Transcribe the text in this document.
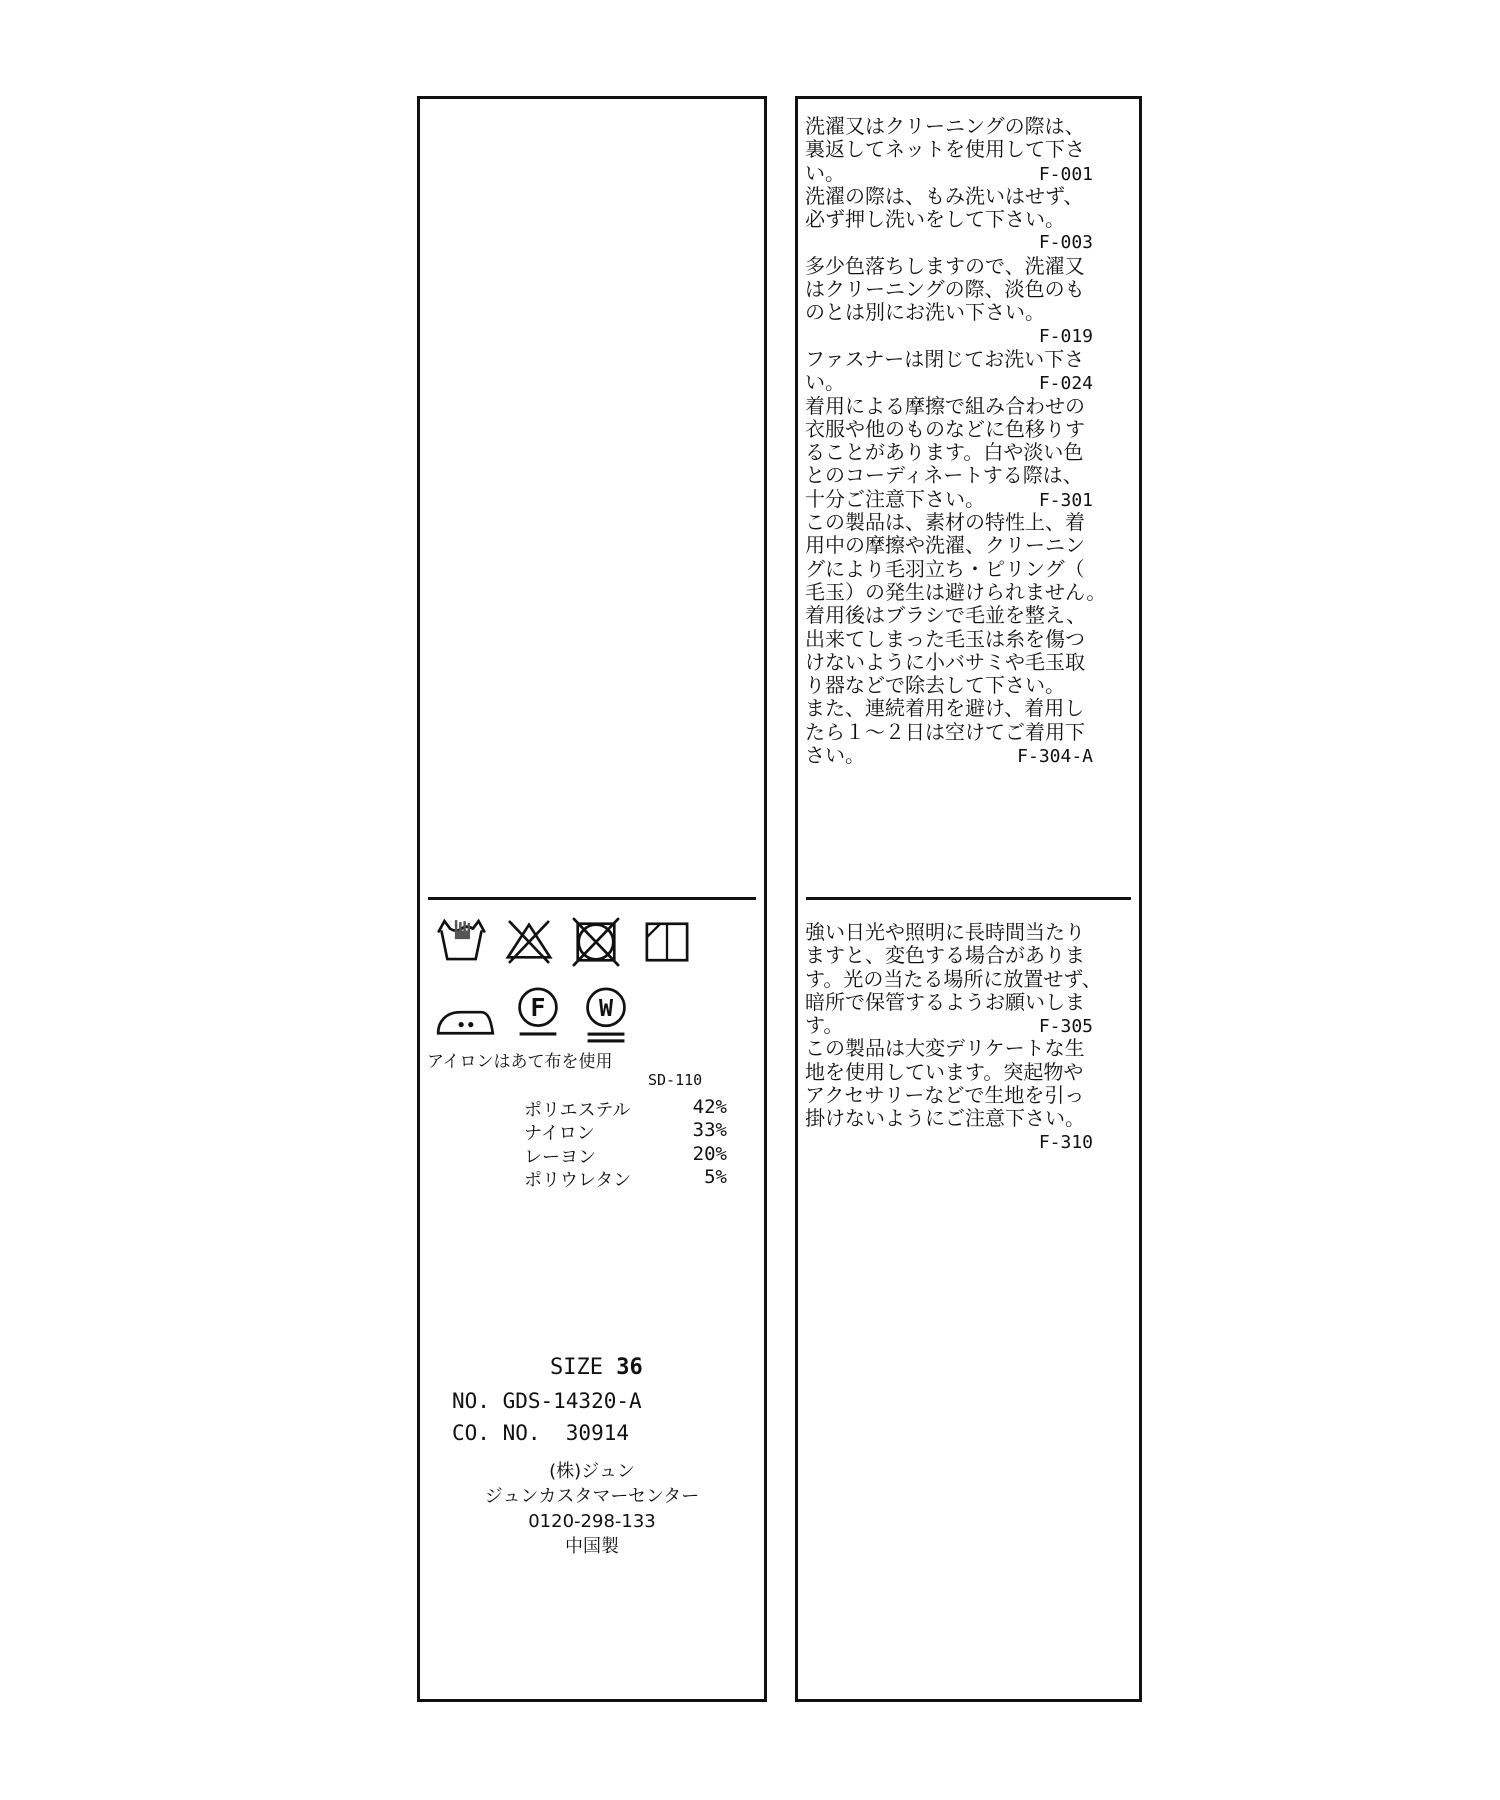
F W
アイロンはあて布を使用
SD-110
ポリエステル	42%
ナイロン	33%
レーヨン	20%
ポリウレタン	5%
SIZE 36
NO. GDS-14320-A
CO. NO.  30914
(株)ジュン
ジュンカスタマーセンター
0120-298-133
中国製
洗濯又はクリーニングの際は、
裏返してネットを使用して下さ
い。	F-001
洗濯の際は、もみ洗いはせず、
必ず押し洗いをして下さい。
F-003
多少色落ちしますので、洗濯又
はクリーニングの際、淡色のも
のとは別にお洗い下さい。
F-019
ファスナーは閉じてお洗い下さ
い。	F-024
着用による摩擦で組み合わせの
衣服や他のものなどに色移りす
ることがあります。白や淡い色
とのコーディネートする際は、
十分ご注意下さい。	F-301
この製品は、素材の特性上、着
用中の摩擦や洗濯、クリーニン
グにより毛羽立ち・ピリング（
毛玉）の発生は避けられません。
着用後はブラシで毛並を整え、
出来てしまった毛玉は糸を傷つ
けないように小バサミや毛玉取
り器などで除去して下さい。
また、連続着用を避け、着用し
たら１～２日は空けてご着用下
さい。	F-304-A
強い日光や照明に長時間当たり
ますと、変色する場合がありま
す。光の当たる場所に放置せず、
暗所で保管するようお願いしま
す。	F-305
この製品は大変デリケートな生
地を使用しています。突起物や
アクセサリーなどで生地を引っ
掛けないようにご注意下さい。
F-310
